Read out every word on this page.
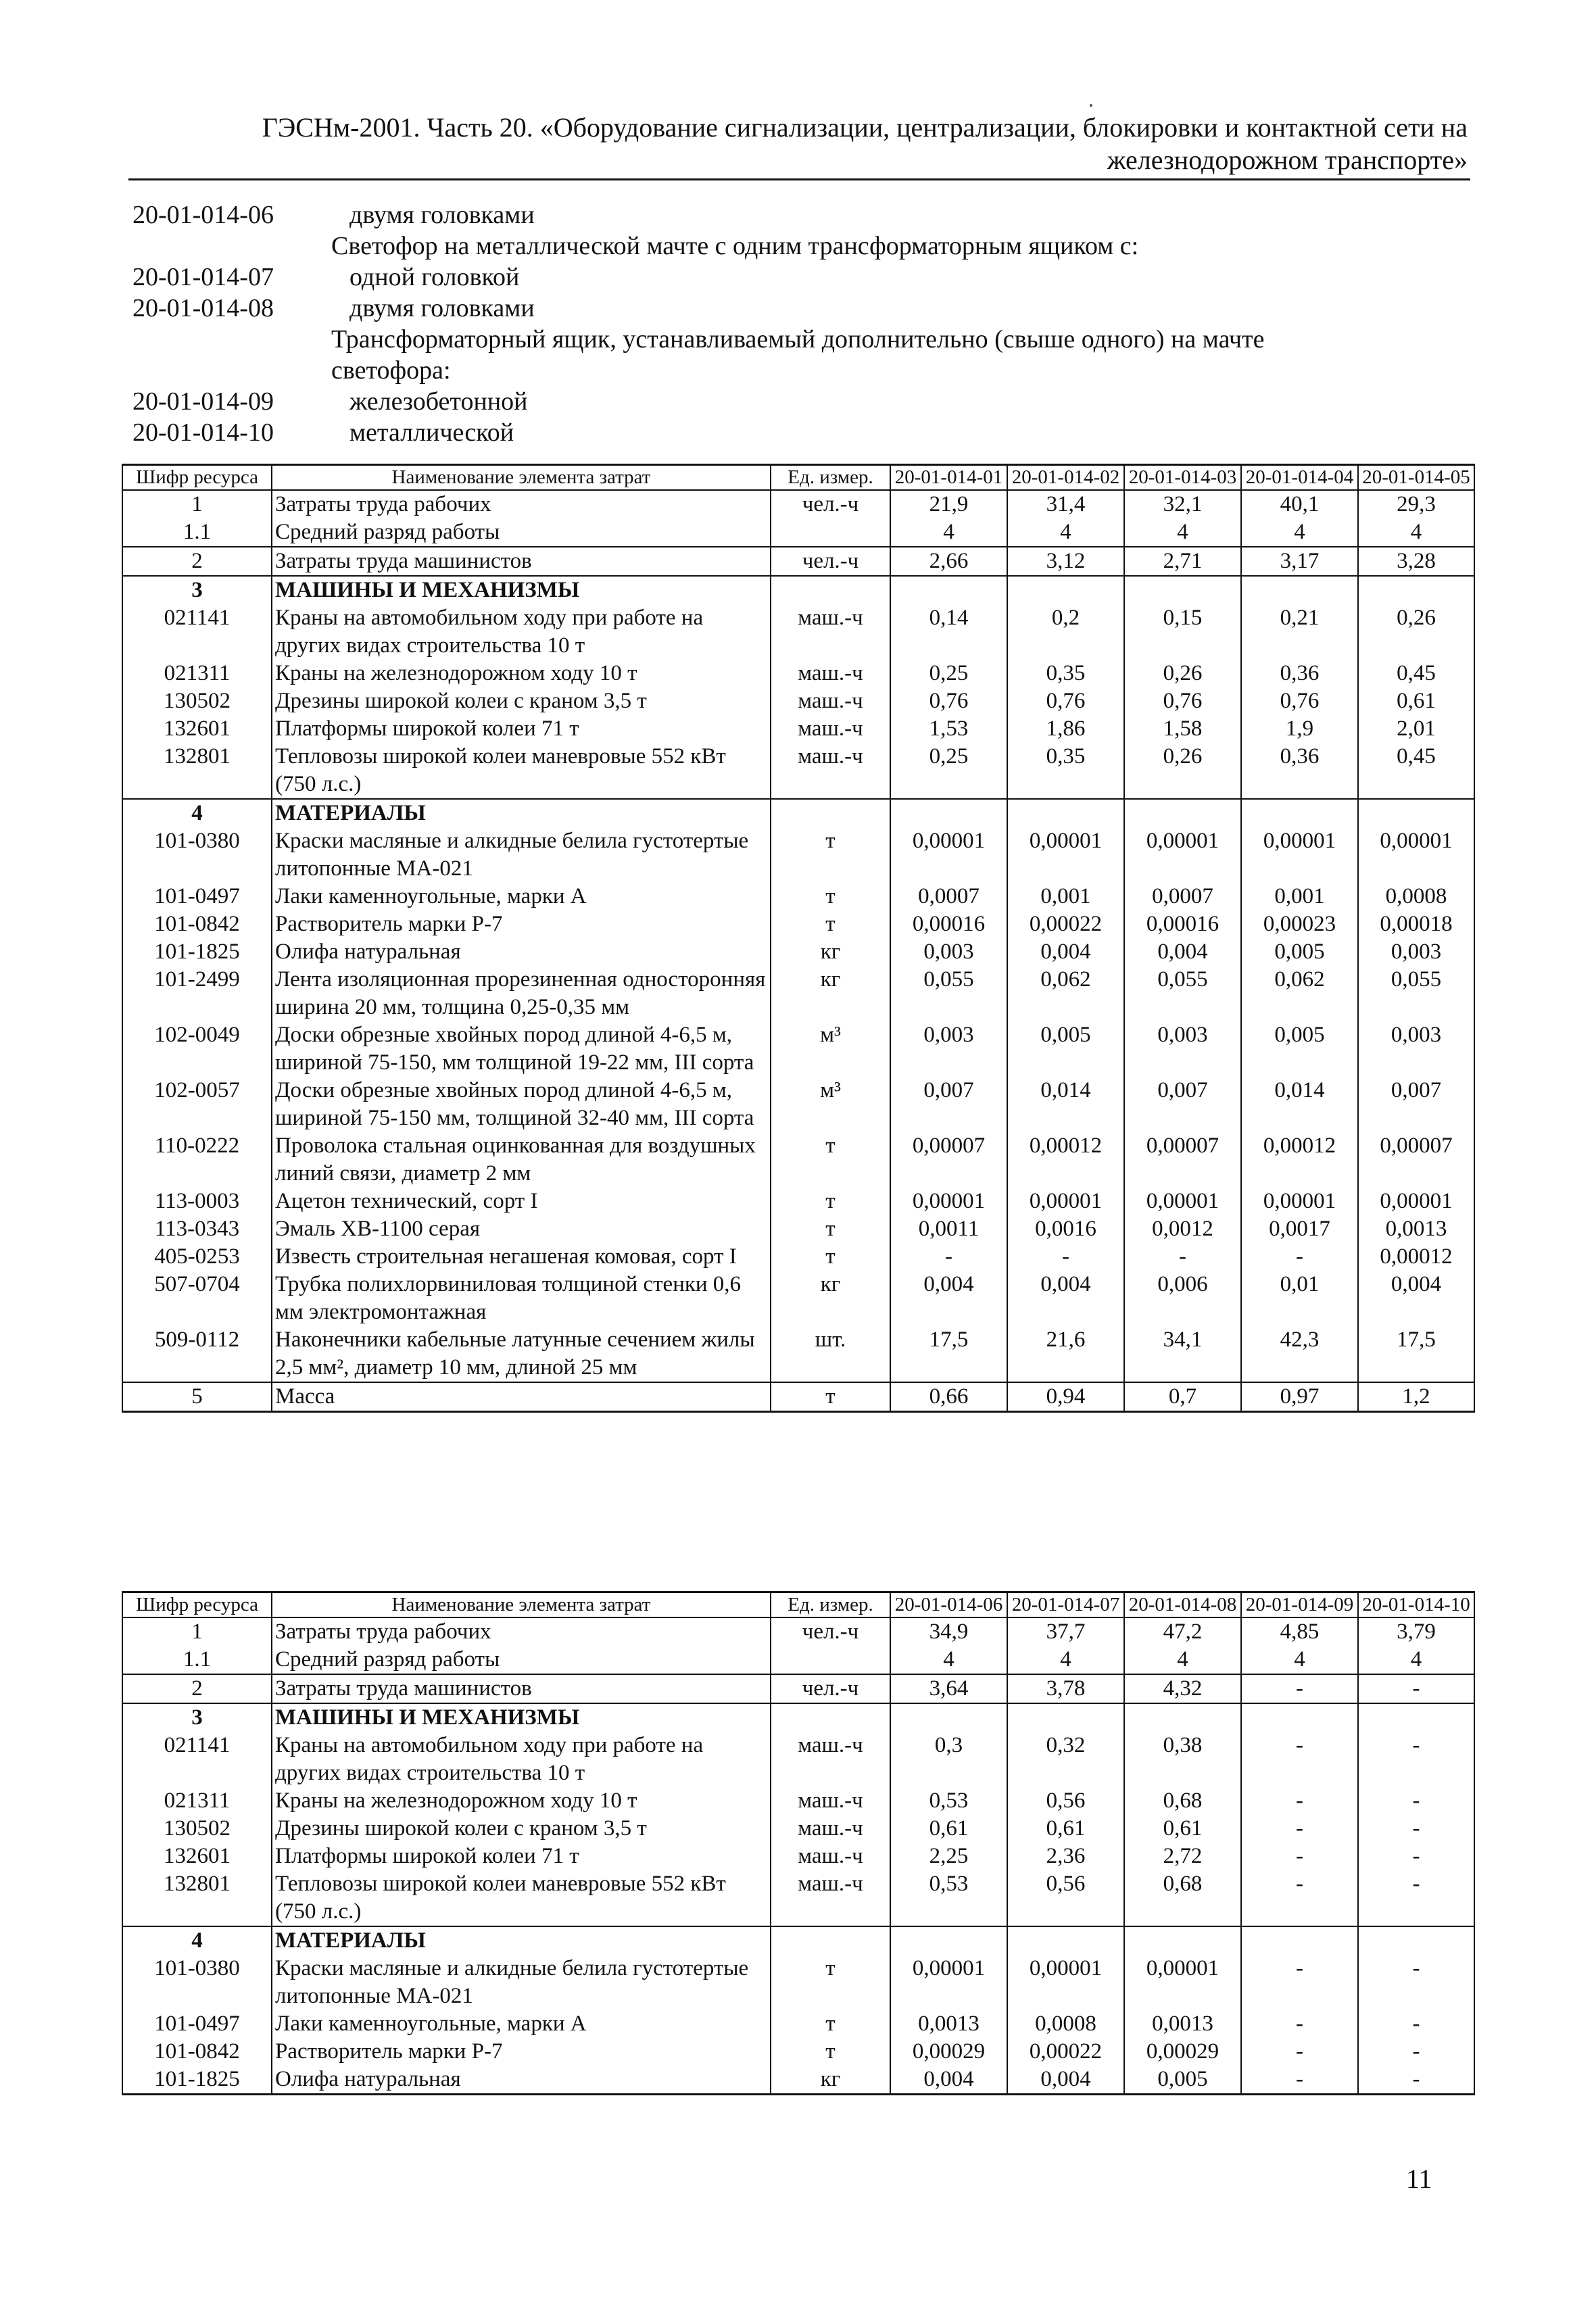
ГЭСНм-2001. Часть 20. «Оборудование сигнализации, централизации, блокировки и контактной сети на
железнодорожном транспорте»
20-01-014-06	двумя головками
Светофор на металлической мачте с одним трансформаторным ящиком с:
20-01-014-07	одной головкой
20-01-014-08	двумя головками
Трансформаторный ящик, устанавливаемый дополнительно (свыше одного) на мачте
светофора:
20-01-014-09	железобетонной
20-01-014-10	металлической
Шифр ресурса	Наименование элемента затрат	Ед. измер.	20-01-014-01	20-01-014-02	20-01-014-03	20-01-014-04	20-01-014-05
1	Затраты труда рабочих	чел.-ч	21,9	31,4	32,1	40,1	29,3
1.1	Средний разряд работы		4	4	4	4	4
2	Затраты труда машинистов	чел.-ч	2,66	3,12	2,71	3,17	3,28
3	МАШИНЫ И МЕХАНИЗМЫ						
021141	Краны на автомобильном ходу при работе на других видах строительства 10 т	маш.-ч	0,14	0,2	0,15	0,21	0,26
021311	Краны на железнодорожном ходу 10 т	маш.-ч	0,25	0,35	0,26	0,36	0,45
130502	Дрезины широкой колеи с краном 3,5 т	маш.-ч	0,76	0,76	0,76	0,76	0,61
132601	Платформы широкой колеи 71 т	маш.-ч	1,53	1,86	1,58	1,9	2,01
132801	Тепловозы широкой колеи маневровые 552 кВт (750 л.с.)	маш.-ч	0,25	0,35	0,26	0,36	0,45
4	МАТЕРИАЛЫ						
101-0380	Краски масляные и алкидные белила густотертые литопонные МА-021	т	0,00001	0,00001	0,00001	0,00001	0,00001
101-0497	Лаки каменноугольные, марки А	т	0,0007	0,001	0,0007	0,001	0,0008
101-0842	Растворитель марки Р-7	т	0,00016	0,00022	0,00016	0,00023	0,00018
101-1825	Олифа натуральная	кг	0,003	0,004	0,004	0,005	0,003
101-2499	Лента изоляционная прорезиненная односторонняя ширина 20 мм, толщина 0,25-0,35 мм	кг	0,055	0,062	0,055	0,062	0,055
102-0049	Доски обрезные хвойных пород длиной 4-6,5 м, шириной 75-150, мм толщиной 19-22 мм, III сорта	м³	0,003	0,005	0,003	0,005	0,003
102-0057	Доски обрезные хвойных пород длиной 4-6,5 м, шириной 75-150 мм, толщиной 32-40 мм, III сорта	м³	0,007	0,014	0,007	0,014	0,007
110-0222	Проволока стальная оцинкованная для воздушных линий связи, диаметр 2 мм	т	0,00007	0,00012	0,00007	0,00012	0,00007
113-0003	Ацетон технический, сорт I	т	0,00001	0,00001	0,00001	0,00001	0,00001
113-0343	Эмаль ХВ-1100 серая	т	0,0011	0,0016	0,0012	0,0017	0,0013
405-0253	Известь строительная негашеная комовая, сорт I	т	-	-	-	-	0,00012
507-0704	Трубка полихлорвиниловая толщиной стенки 0,6 мм электромонтажная	кг	0,004	0,004	0,006	0,01	0,004
509-0112	Наконечники кабельные латунные сечением жилы 2,5 мм², диаметр 10 мм, длиной 25 мм	шт.	17,5	21,6	34,1	42,3	17,5
5	Масса	т	0,66	0,94	0,7	0,97	1,2
Шифр ресурса	Наименование элемента затрат	Ед. измер.	20-01-014-06	20-01-014-07	20-01-014-08	20-01-014-09	20-01-014-10
1	Затраты труда рабочих	чел.-ч	34,9	37,7	47,2	4,85	3,79
1.1	Средний разряд работы		4	4	4	4	4
2	Затраты труда машинистов	чел.-ч	3,64	3,78	4,32	-	-
3	МАШИНЫ И МЕХАНИЗМЫ						
021141	Краны на автомобильном ходу при работе на других видах строительства 10 т	маш.-ч	0,3	0,32	0,38	-	-
021311	Краны на железнодорожном ходу 10 т	маш.-ч	0,53	0,56	0,68	-	-
130502	Дрезины широкой колеи с краном 3,5 т	маш.-ч	0,61	0,61	0,61	-	-
132601	Платформы широкой колеи 71 т	маш.-ч	2,25	2,36	2,72	-	-
132801	Тепловозы широкой колеи маневровые 552 кВт (750 л.с.)	маш.-ч	0,53	0,56	0,68	-	-
4	МАТЕРИАЛЫ						
101-0380	Краски масляные и алкидные белила густотертые литопонные МА-021	т	0,00001	0,00001	0,00001	-	-
101-0497	Лаки каменноугольные, марки А	т	0,0013	0,0008	0,0013	-	-
101-0842	Растворитель марки Р-7	т	0,00029	0,00022	0,00029	-	-
101-1825	Олифа натуральная	кг	0,004	0,004	0,005	-	-
11
